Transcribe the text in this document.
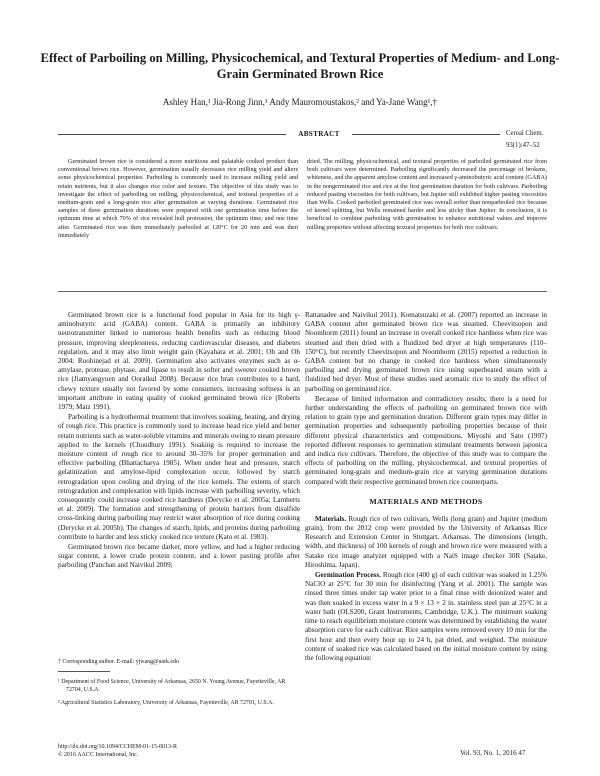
Effect of Parboiling on Milling, Physicochemical, and Textural Properties of Medium- and Long-Grain Germinated Brown Rice
Ashley Han,¹ Jia-Rong Jinn,¹ Andy Mauromoustakos,² and Ya-Jane Wang¹,†
ABSTRACT	Cereal Chem. 93(1):47–52

Germinated brown rice is considered a more nutritious and palatable cooked product than conventional brown rice. However, germination usually decreases rice milling yield and alters some physicochemical properties. Parboiling is commonly used to increase milling yield and retain nutrients, but it also changes rice color and texture. The objective of this study was to investigate the effect of parboiling on milling, physicochemical, and textural properties of a medium-grain and a long-grain rice after germination at varying durations. Germinated rice samples of three germination durations were prepared with one germination time before the optimum time at which 70% of rice revealed hull protrusion, the optimum time, and one time after. Germinated rice was then immediately parboiled at 120°C for 20 min and was then immediately

dried. The milling, physicochemical, and textural properties of parboiled germinated rice from both cultivars were determined. Parboiling significantly decreased the percentage of brokens, whiteness, and the apparent amylose content and increased γ-aminobutyric acid content (GABA) in the nongerminated rice and rice at the first germination duration for both cultivars. Parboiling reduced pasting viscosities for both cultivars, but Jupiter still exhibited higher pasting viscosities than Wells. Cooked parboiled germinated rice was overall softer than nonparboiled rice because of kernel splitting, but Wells remained harder and less sticky than Jupiter. In conclusion, it is beneficial to combine parboiling with germination to enhance nutritional values and improve milling properties without affecting textural properties for both rice cultivars.

Germinated brown rice is a functional food popular in Asia for its high γ-aminobutyric acid (GABA) content. GABA is primarily an inhibitory neurotransmitter linked to numerous health benefits such as reducing blood pressure, improving sleeplessness, reducing cardiovascular diseases, and diabetes regulation, and it may also limit weight gain (Kayahara et al. 2001; Oh and Oh 2004; Roohinejad et al. 2009). Germination also activates enzymes such as α-amylase, protease, phytase, and lipase to result in softer and sweeter cooked brown rice (Jiamyangyuen and Ooraikul 2008). Because rice bran contributes to a hard, chewy texture usually not favored by some consumers, increasing softness is an important attribute in eating quality of cooked germinated brown rice (Roberts 1979; Matz 1991).

Parboiling is a hydrothermal treatment that involves soaking, heating, and drying of rough rice. This practice is commonly used to increase head rice yield and better retain nutrients such as water-soluble vitamins and minerals owing to steam pressure applied to the kernels (Choudhury 1991). Soaking is required to increase the moisture content of rough rice to around 30–35% for proper germination and effective parboiling (Bhattacharya 1985). When under heat and pressure, starch gelatinization and amylose-lipid complexation occur, followed by starch retrogradation upon cooling and drying of the rice kernels. The extents of starch retrogradation and complexation with lipids increase with parboiling severity, which consequently could increase cooked rice hardness (Derycke et al. 2005a; Lamberts et al. 2009). The formation and strengthening of protein barriers from disulfide cross-linking during parboiling may restrict water absorption of rice during cooking (Derycke et al. 2005b). The changes of starch, lipids, and proteins during parboiling contribute to harder and less sticky cooked rice texture (Kato et al. 1983).

Germinated brown rice became darker, more yellow, and had a higher reducing sugar content, a lower crude protein content, and a lower pasting profile after parboiling (Panchan and Naivikul 2009;

Rattanadee and Naivikul 2011). Komatsuzaki et al. (2007) reported an increase in GABA content after germinated brown rice was steamed. Cheevitsopon and Noomhorm (2011) found an increase in overall cooked rice hardness when rice was steamed and then dried with a fluidized bed dryer at high temperatures (110–150°C), but recently Cheevitsopon and Noomhorm (2015) reported a reduction in GABA content but no change in cooked rice hardness when simultaneously parboiling and drying germinated brown rice using superheated steam with a fluidized bed dryer. Most of these studies used aromatic rice to study the effect of parboiling on germinated rice.

Because of limited information and contradictory results, there is a need for further understanding the effects of parboiling on germinated brown rice with relation to grain type and germination duration. Different grain types may differ in germination properties and subsequently parboiling properties because of their different physical characteristics and compositions. Miyoshi and Sato (1997) reported different responses to germination stimulant treatments between japonica and indica rice cultivars. Therefore, the objective of this study was to compare the effects of parboiling on the milling, physicochemical, and textural properties of germinated long-grain and medium-grain rice at varying germination durations compared with their respective germinated brown rice counterparts.

MATERIALS AND METHODS

Materials. Rough rice of two cultivars, Wells (long grain) and Jupiter (medium grain), from the 2012 crop were provided by the University of Arkansas Rice Research and Extension Center in Stuttgart, Arkansas. The dimensions (length, width, and thickness) of 100 kernels of rough and brown rice were measured with a Satake rice image analyzer equipped with a NaiS image checker 30R (Satake, Hiroshima, Japan).

Germination Process. Rough rice (400 g) of each cultivar was soaked in 1.25% NaClO at 25°C for 30 min for disinfecting (Yang et al. 2001). The sample was rinsed three times under tap water prior to a final rinse with deionized water and was then soaked in excess water in a 9 × 13 × 2 in. stainless steel pan at 25°C in a water bath (OLS200, Grant Instruments, Cambridge, U.K.). The minimum soaking time to reach equilibrium moisture content was determined by establishing the water absorption curve for each cultivar. Rice samples were removed every 10 min for the first hour and then every hour up to 24 h, pat dried, and weighed. The moisture content of soaked rice was calculated based on the initial moisture content by using the following equation:

† Corresponding author. E-mail: yjwang@uark.edu
¹ Department of Food Science, University of Arkansas, 2650 N. Young Avenue, Fayetteville, AR 72704, U.S.A.
² Agricultural Statistics Laboratory, University of Arkansas, Fayetteville, AR 72701, U.S.A.
http://dx.doi.org/10.1094/CCHEM-01-15-0013-R
© 2016 AACC International, Inc.	Vol. 93, No. 1, 2016 47
